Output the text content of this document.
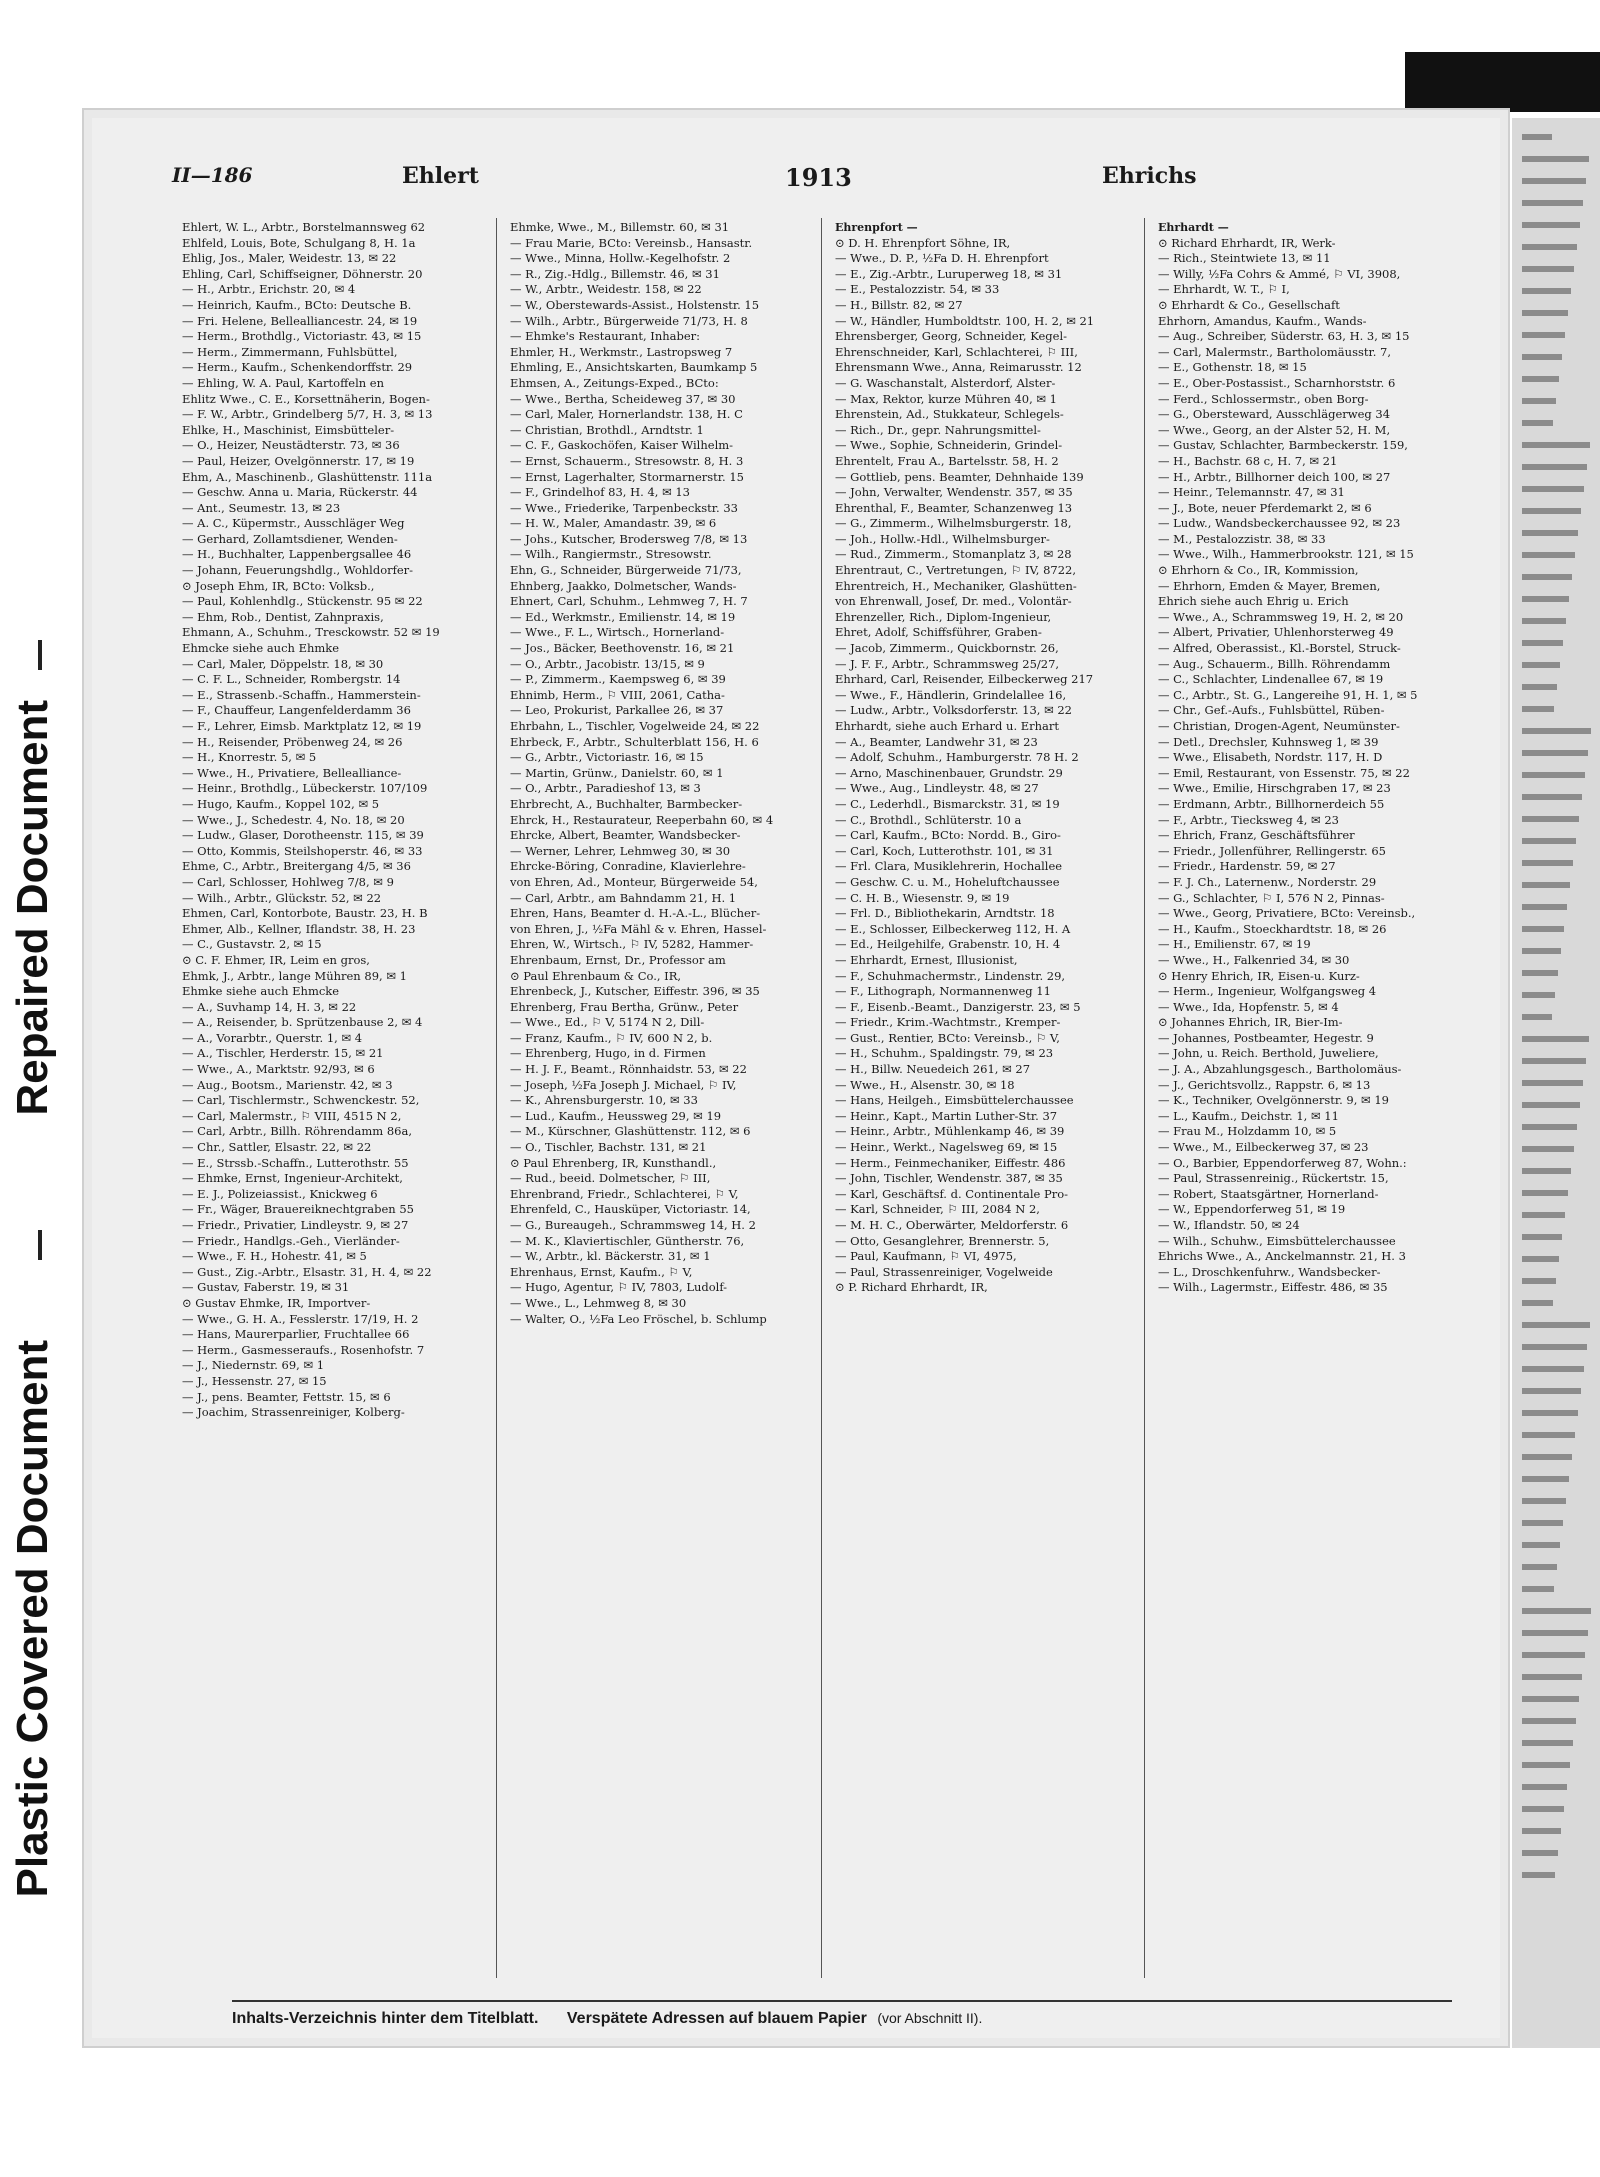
Repaired Document
Plastic Covered Document
II—186	Ehlert	1913	Ehrichs
Ehlert, W. L., Arbtr., Borstelmannsweg 62
Ehlfeld, Louis, Bote, Schulgang 8, H. 1a
Ehlig, Jos., Maler, Weidestr. 13, ✉ 22
Ehling, Carl, Schiffseigner, Döhnerstr. 20
— H., Arbtr., Erichstr. 20, ✉ 4
— Heinrich, Kaufm., BCto: Deutsche B.
— Fri. Helene, Bellealliancestr. 24, ✉ 19
— Herm., Brothdlg., Victoriastr. 43, ✉ 15
— Herm., Zimmermann, Fuhlsbüttel,
— Herm., Kaufm., Schenkendorffstr. 29
— Ehling, W. A. Paul, Kartoffeln en
Ehlitz Wwe., C. E., Korsettnäherin, Bogen-
— F. W., Arbtr., Grindelberg 5/7, H. 3, ✉ 13
Ehlke, H., Maschinist, Eimsbütteler-
— O., Heizer, Neustädterstr. 73, ✉ 36
— Paul, Heizer, Ovelgönnerstr. 17, ✉ 19
Ehm, A., Maschinenb., Glashüttenstr. 111a
— Geschw. Anna u. Maria, Rückerstr. 44
— Ant., Seumestr. 13, ✉ 23
— A. C., Küpermstr., Ausschläger Weg
— Gerhard, Zollamtsdiener, Wenden-
— H., Buchhalter, Lappenbergsallee 46
— Johann, Feuerungshdlg., Wohldorfer-
⊙ Joseph Ehm, IR, BCto: Volksb.,
— Paul, Kohlenhdlg., Stückenstr. 95 ✉ 22
— Ehm, Rob., Dentist, Zahnpraxis,
Ehmann, A., Schuhm., Tresckowstr. 52 ✉ 19
Ehmcke siehe auch Ehmke
— Carl, Maler, Döppelstr. 18, ✉ 30
— C. F. L., Schneider, Rombergstr. 14
— E., Strassenb.-Schaffn., Hammerstein-
— F., Chauffeur, Langenfelderdamm 36
— F., Lehrer, Eimsb. Marktplatz 12, ✉ 19
— H., Reisender, Pröbenweg 24, ✉ 26
— H., Knorrestr. 5, ✉ 5
— Wwe., H., Privatiere, Bellealliance-
— Heinr., Brothdlg., Lübeckerstr. 107/109
— Hugo, Kaufm., Koppel 102, ✉ 5
— Wwe., J., Schedestr. 4, No. 18, ✉ 20
— Ludw., Glaser, Dorotheenstr. 115, ✉ 39
— Otto, Kommis, Steilshoperstr. 46, ✉ 33
Ehme, C., Arbtr., Breitergang 4/5, ✉ 36
— Carl, Schlosser, Hohlweg 7/8, ✉ 9
— Wilh., Arbtr., Glückstr. 52, ✉ 22
Ehmen, Carl, Kontorbote, Baustr. 23, H. B
Ehmer, Alb., Kellner, Iflandstr. 38, H. 23
— C., Gustavstr. 2, ✉ 15
⊙ C. F. Ehmer, IR, Leim en gros,
Ehmk, J., Arbtr., lange Mühren 89, ✉ 1
Ehmke siehe auch Ehmcke
— A., Suvhamp 14, H. 3, ✉ 22
— A., Reisender, b. Sprützenbause 2, ✉ 4
— A., Vorarbtr., Querstr. 1, ✉ 4
— A., Tischler, Herderstr. 15, ✉ 21
— Wwe., A., Marktstr. 92/93, ✉ 6
— Aug., Bootsm., Marienstr. 42, ✉ 3
— Carl, Tischlermstr., Schwenckestr. 52,
— Carl, Malermstr., ⚐ VIII, 4515 N 2,
— Carl, Arbtr., Billh. Röhrendamm 86a,
— Chr., Sattler, Elsastr. 22, ✉ 22
— E., Strssb.-Schaffn., Lutterothstr. 55
— Ehmke, Ernst, Ingenieur-Architekt,
— E. J., Polizeiassist., Knickweg 6
— Fr., Wäger, Brauereiknechtgraben 55
— Friedr., Privatier, Lindleystr. 9, ✉ 27
— Friedr., Handlgs.-Geh., Vierländer-
— Wwe., F. H., Hohestr. 41, ✉ 5
— Gust., Zig.-Arbtr., Elsastr. 31, H. 4, ✉ 22
— Gustav, Faberstr. 19, ✉ 31
⊙ Gustav Ehmke, IR, Importver-
— Wwe., G. H. A., Fesslerstr. 17/19, H. 2
— Hans, Maurerparlier, Fruchtallee 66
— Herm., Gasmesseraufs., Rosenhofstr. 7
— J., Niedernstr. 69, ✉ 1
— J., Hessenstr. 27, ✉ 15
— J., pens. Beamter, Fettstr. 15, ✉ 6
— Joachim, Strassenreiniger, Kolberg-
Ehmke, Wwe., M., Billemstr. 60, ✉ 31
— Frau Marie, BCto: Vereinsb., Hansastr.
— Wwe., Minna, Hollw.-Kegelhofstr. 2
— R., Zig.-Hdlg., Billemstr. 46, ✉ 31
— W., Arbtr., Weidestr. 158, ✉ 22
— W., Oberstewards-Assist., Holstenstr. 15
— Wilh., Arbtr., Bürgerweide 71/73, H. 8
— Ehmke's Restaurant, Inhaber:
Ehmler, H., Werkmstr., Lastropsweg 7
Ehmling, E., Ansichtskarten, Baumkamp 5
Ehmsen, A., Zeitungs-Exped., BCto:
— Wwe., Bertha, Scheideweg 37, ✉ 30
— Carl, Maler, Hornerlandstr. 138, H. C
— Christian, Brothdl., Arndtstr. 1
— C. F., Gaskochöfen, Kaiser Wilhelm-
— Ernst, Schauerm., Stresowstr. 8, H. 3
— Ernst, Lagerhalter, Stormarnerstr. 15
— F., Grindelhof 83, H. 4, ✉ 13
— Wwe., Friederike, Tarpenbeckstr. 33
— H. W., Maler, Amandastr. 39, ✉ 6
— Johs., Kutscher, Brodersweg 7/8, ✉ 13
— Wilh., Rangiermstr., Stresowstr.
Ehn, G., Schneider, Bürgerweide 71/73,
Ehnberg, Jaakko, Dolmetscher, Wands-
Ehnert, Carl, Schuhm., Lehmweg 7, H. 7
— Ed., Werkmstr., Emilienstr. 14, ✉ 19
— Wwe., F. L., Wirtsch., Hornerland-
— Jos., Bäcker, Beethovenstr. 16, ✉ 21
— O., Arbtr., Jacobistr. 13/15, ✉ 9
— P., Zimmerm., Kaempsweg 6, ✉ 39
Ehnimb, Herm., ⚐ VIII, 2061, Catha-
— Leo, Prokurist, Parkallee 26, ✉ 37
Ehrbahn, L., Tischler, Vogelweide 24, ✉ 22
Ehrbeck, F., Arbtr., Schulterblatt 156, H. 6
— G., Arbtr., Victoriastr. 16, ✉ 15
— Martin, Grünw., Danielstr. 60, ✉ 1
— O., Arbtr., Paradieshof 13, ✉ 3
Ehrbrecht, A., Buchhalter, Barmbecker-
Ehrck, H., Restaurateur, Reeperbahn 60, ✉ 4
Ehrcke, Albert, Beamter, Wandsbecker-
— Werner, Lehrer, Lehmweg 30, ✉ 30
Ehrcke-Böring, Conradine, Klavierlehre-
von Ehren, Ad., Monteur, Bürgerweide 54,
— Carl, Arbtr., am Bahndamm 21, H. 1
Ehren, Hans, Beamter d. H.-A.-L., Blücher-
von Ehren, J., ½Fa Mähl & v. Ehren, Hassel-
Ehren, W., Wirtsch., ⚐ IV, 5282, Hammer-
Ehrenbaum, Ernst, Dr., Professor am
⊙ Paul Ehrenbaum & Co., IR,
Ehrenbeck, J., Kutscher, Eiffestr. 396, ✉ 35
Ehrenberg, Frau Bertha, Grünw., Peter
— Wwe., Ed., ⚐ V, 5174 N 2, Dill-
— Franz, Kaufm., ⚐ IV, 600 N 2, b.
— Ehrenberg, Hugo, in d. Firmen
— H. J. F., Beamt., Rönnhaidstr. 53, ✉ 22
— Joseph, ½Fa Joseph J. Michael, ⚐ IV,
— K., Ahrensburgerstr. 10, ✉ 33
— Lud., Kaufm., Heussweg 29, ✉ 19
— M., Kürschner, Glashüttenstr. 112, ✉ 6
— O., Tischler, Bachstr. 131, ✉ 21
⊙ Paul Ehrenberg, IR, Kunsthandl.,
— Rud., beeid. Dolmetscher, ⚐ III,
Ehrenbrand, Friedr., Schlachterei, ⚐ V,
Ehrenfeld, C., Hausküper, Victoriastr. 14,
— G., Bureaugeh., Schrammsweg 14, H. 2
— M. K., Klaviertischler, Güntherstr. 76,
— W., Arbtr., kl. Bäckerstr. 31, ✉ 1
Ehrenhaus, Ernst, Kaufm., ⚐ V,
— Hugo, Agentur, ⚐ IV, 7803, Ludolf-
— Wwe., L., Lehmweg 8, ✉ 30
— Walter, O., ½Fa Leo Fröschel, b. Schlump
Ehrenpfort —
⊙ D. H. Ehrenpfort Söhne, IR,
— Wwe., D. P., ½Fa D. H. Ehrenpfort
— E., Zig.-Arbtr., Luruperweg 18, ✉ 31
— E., Pestalozzistr. 54, ✉ 33
— H., Billstr. 82, ✉ 27
— W., Händler, Humboldtstr. 100, H. 2, ✉ 21
Ehrensberger, Georg, Schneider, Kegel-
Ehrenschneider, Karl, Schlachterei, ⚐ III,
Ehrensmann Wwe., Anna, Reimarusstr. 12
— G. Waschanstalt, Alsterdorf, Alster-
— Max, Rektor, kurze Mühren 40, ✉ 1
Ehrenstein, Ad., Stukkateur, Schlegels-
— Rich., Dr., gepr. Nahrungsmittel-
— Wwe., Sophie, Schneiderin, Grindel-
Ehrentelt, Frau A., Bartelsstr. 58, H. 2
— Gottlieb, pens. Beamter, Dehnhaide 139
— John, Verwalter, Wendenstr. 357, ✉ 35
Ehrenthal, F., Beamter, Schanzenweg 13
— G., Zimmerm., Wilhelmsburgerstr. 18,
— Joh., Hollw.-Hdl., Wilhelmsburger-
— Rud., Zimmerm., Stomanplatz 3, ✉ 28
Ehrentraut, C., Vertretungen, ⚐ IV, 8722,
Ehrentreich, H., Mechaniker, Glashütten-
von Ehrenwall, Josef, Dr. med., Volontär-
Ehrenzeller, Rich., Diplom-Ingenieur,
Ehret, Adolf, Schiffsführer, Graben-
— Jacob, Zimmerm., Quickbornstr. 26,
— J. F. F., Arbtr., Schrammsweg 25/27,
Ehrhard, Carl, Reisender, Eilbeckerweg 217
— Wwe., F., Händlerin, Grindelallee 16,
— Ludw., Arbtr., Volksdorferstr. 13, ✉ 22
Ehrhardt, siehe auch Erhard u. Erhart
— A., Beamter, Landwehr 31, ✉ 23
— Adolf, Schuhm., Hamburgerstr. 78 H. 2
— Arno, Maschinenbauer, Grundstr. 29
— Wwe., Aug., Lindleystr. 48, ✉ 27
— C., Lederhdl., Bismarckstr. 31, ✉ 19
— C., Brothdl., Schlüterstr. 10 a
— Carl, Kaufm., BCto: Nordd. B., Giro-
— Carl, Koch, Lutterothstr. 101, ✉ 31
— Frl. Clara, Musiklehrerin, Hochallee
— Geschw. C. u. M., Hoheluftchaussee
— C. H. B., Wiesenstr. 9, ✉ 19
— Frl. D., Bibliothekarin, Arndtstr. 18
— E., Schlosser, Eilbeckerweg 112, H. A
— Ed., Heilgehilfe, Grabenstr. 10, H. 4
— Ehrhardt, Ernest, Illusionist,
— F., Schuhmachermstr., Lindenstr. 29,
— F., Lithograph, Normannenweg 11
— F., Eisenb.-Beamt., Danzigerstr. 23, ✉ 5
— Friedr., Krim.-Wachtmstr., Kremper-
— Gust., Rentier, BCto: Vereinsb., ⚐ V,
— H., Schuhm., Spaldingstr. 79, ✉ 23
— H., Billw. Neuedeich 261, ✉ 27
— Wwe., H., Alsenstr. 30, ✉ 18
— Hans, Heilgeh., Eimsbüttelerchaussee
— Heinr., Kapt., Martin Luther-Str. 37
— Heinr., Arbtr., Mühlenkamp 46, ✉ 39
— Heinr., Werkt., Nagelsweg 69, ✉ 15
— Herm., Feinmechaniker, Eiffestr. 486
— John, Tischler, Wendenstr. 387, ✉ 35
— Karl, Geschäftsf. d. Continentale Pro-
— Karl, Schneider, ⚐ III, 2084 N 2,
— M. H. C., Oberwärter, Meldorferstr. 6
— Otto, Gesanglehrer, Brennerstr. 5,
— Paul, Kaufmann, ⚐ VI, 4975,
— Paul, Strassenreiniger, Vogelweide
⊙ P. Richard Ehrhardt, IR,
Ehrhardt —
⊙ Richard Ehrhardt, IR, Werk-
— Rich., Steintwiete 13, ✉ 11
— Willy, ½Fa Cohrs & Ammé, ⚐ VI, 3908,
— Ehrhardt, W. T., ⚐ I,
⊙ Ehrhardt & Co., Gesellschaft
Ehrhorn, Amandus, Kaufm., Wands-
— Aug., Schreiber, Süderstr. 63, H. 3, ✉ 15
— Carl, Malermstr., Bartholomäusstr. 7,
— E., Gothenstr. 18, ✉ 15
— E., Ober-Postassist., Scharnhorststr. 6
— Ferd., Schlossermstr., oben Borg-
— G., Obersteward, Ausschlägerweg 34
— Wwe., Georg, an der Alster 52, H. M,
— Gustav, Schlachter, Barmbeckerstr. 159,
— H., Bachstr. 68 c, H. 7, ✉ 21
— H., Arbtr., Billhorner deich 100, ✉ 27
— Heinr., Telemannstr. 47, ✉ 31
— J., Bote, neuer Pferdemarkt 2, ✉ 6
— Ludw., Wandsbeckerchaussee 92, ✉ 23
— M., Pestalozzistr. 38, ✉ 33
— Wwe., Wilh., Hammerbrookstr. 121, ✉ 15
⊙ Ehrhorn & Co., IR, Kommission,
— Ehrhorn, Emden & Mayer, Bremen,
Ehrich siehe auch Ehrig u. Erich
— Wwe., A., Schrammsweg 19, H. 2, ✉ 20
— Albert, Privatier, Uhlenhorsterweg 49
— Alfred, Oberassist., Kl.-Borstel, Struck-
— Aug., Schauerm., Billh. Röhrendamm
— C., Schlachter, Lindenallee 67, ✉ 19
— C., Arbtr., St. G., Langereihe 91, H. 1, ✉ 5
— Chr., Gef.-Aufs., Fuhlsbüttel, Rüben-
— Christian, Drogen-Agent, Neumünster-
— Detl., Drechsler, Kuhnsweg 1, ✉ 39
— Wwe., Elisabeth, Nordstr. 117, H. D
— Emil, Restaurant, von Essenstr. 75, ✉ 22
— Wwe., Emilie, Hirschgraben 17, ✉ 23
— Erdmann, Arbtr., Billhornerdeich 55
— F., Arbtr., Tiecksweg 4, ✉ 23
— Ehrich, Franz, Geschäftsführer
— Friedr., Jollenführer, Rellingerstr. 65
— Friedr., Hardenstr. 59, ✉ 27
— F. J. Ch., Laternenw., Norderstr. 29
— G., Schlachter, ⚐ I, 576 N 2, Pinnas-
— Wwe., Georg, Privatiere, BCto: Vereinsb.,
— H., Kaufm., Stoeckhardtstr. 18, ✉ 26
— H., Emilienstr. 67, ✉ 19
— Wwe., H., Falkenried 34, ✉ 30
⊙ Henry Ehrich, IR, Eisen-u. Kurz-
— Herm., Ingenieur, Wolfgangsweg 4
— Wwe., Ida, Hopfenstr. 5, ✉ 4
⊙ Johannes Ehrich, IR, Bier-Im-
— Johannes, Postbeamter, Hegestr. 9
— John, u. Reich. Berthold, Juweliere,
— J. A., Abzahlungsgesch., Bartholomäus-
— J., Gerichtsvollz., Rappstr. 6, ✉ 13
— K., Techniker, Ovelgönnerstr. 9, ✉ 19
— L., Kaufm., Deichstr. 1, ✉ 11
— Frau M., Holzdamm 10, ✉ 5
— Wwe., M., Eilbeckerweg 37, ✉ 23
— O., Barbier, Eppendorferweg 87, Wohn.:
— Paul, Strassenreinig., Rückertstr. 15,
— Robert, Staatsgärtner, Hornerland-
— W., Eppendorferweg 51, ✉ 19
— W., Iflandstr. 50, ✉ 24
— Wilh., Schuhw., Eimsbüttelerchaussee
Ehrichs Wwe., A., Anckelmannstr. 21, H. 3
— L., Droschkenfuhrw., Wandsbecker-
— Wilh., Lagermstr., Eiffestr. 486, ✉ 35
Inhalts-Verzeichnis hinter dem Titelblatt. Verspätete Adressen auf blauem Papier (vor Abschnitt II).
